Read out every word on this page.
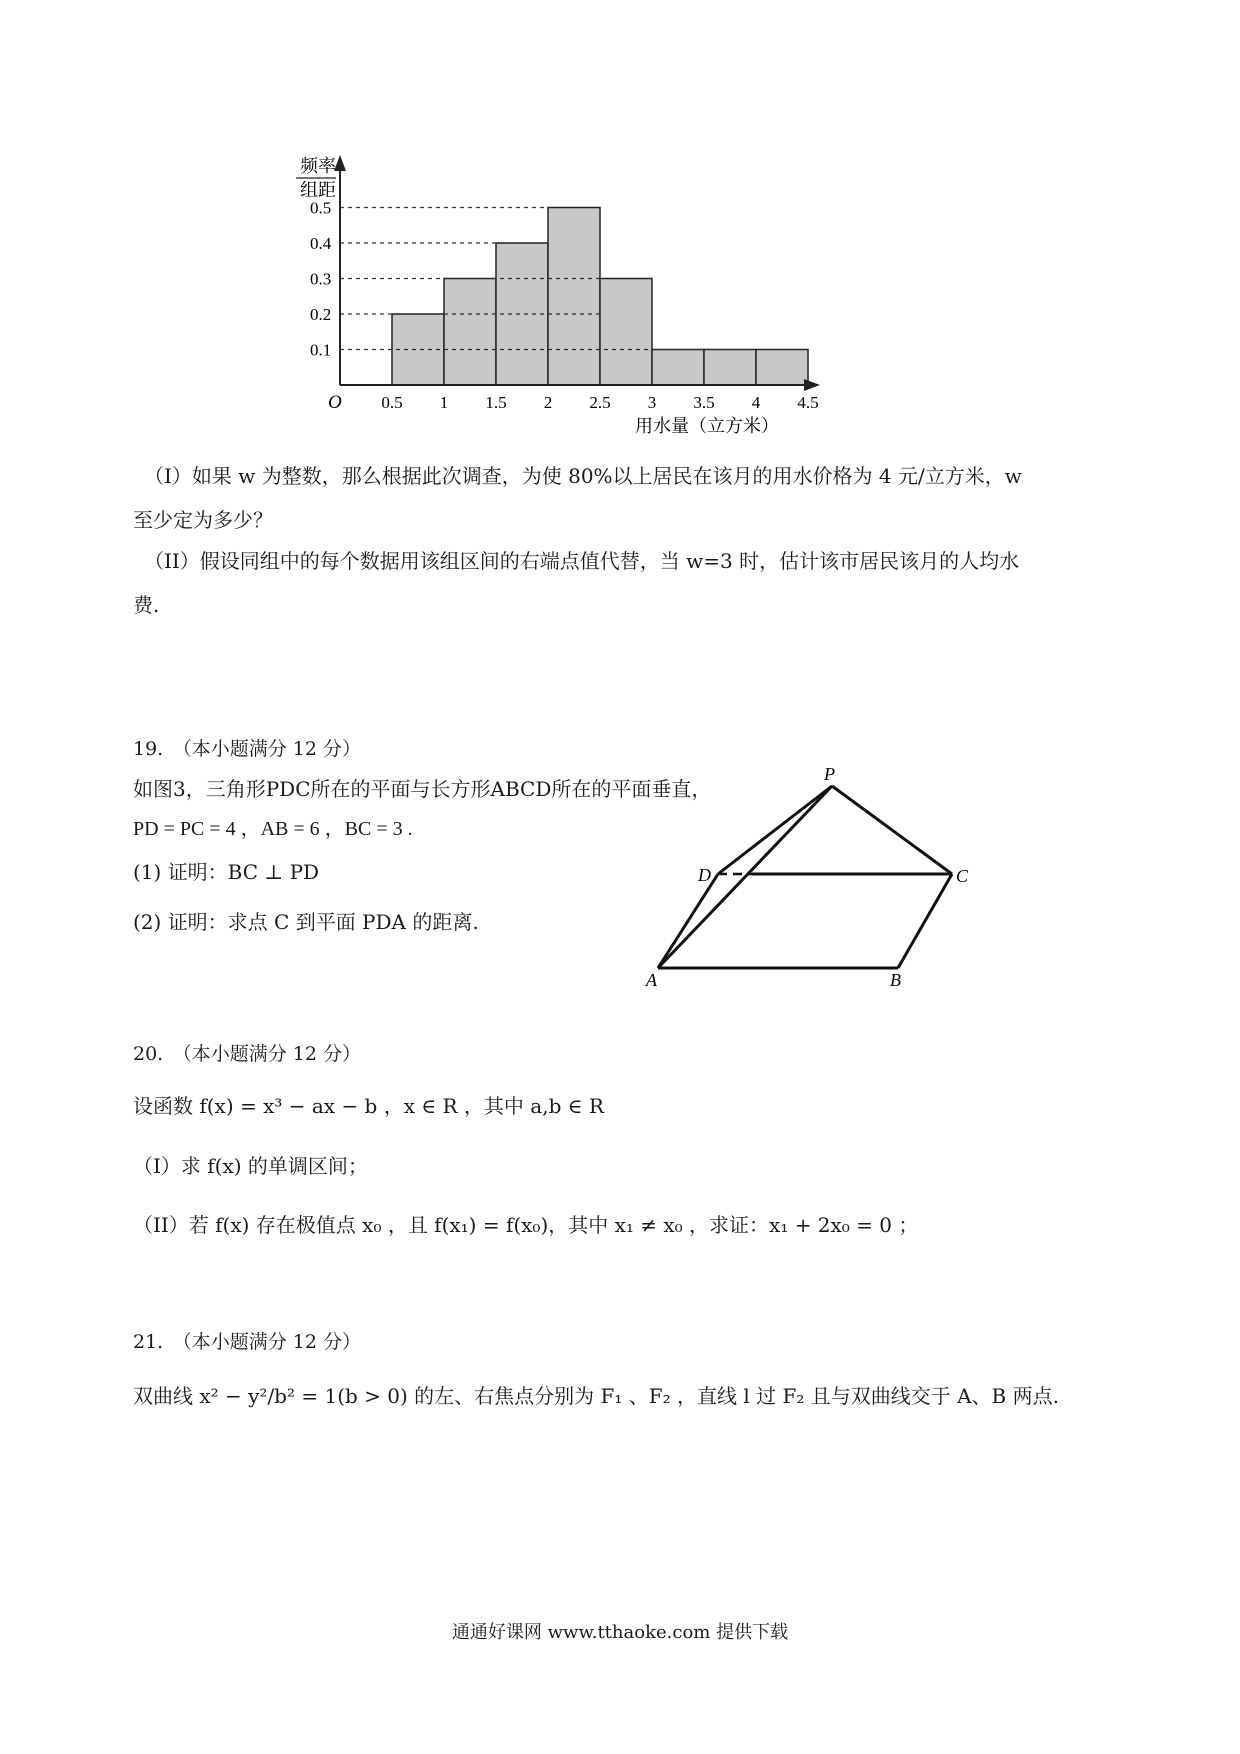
0.1
0.2
0.3
0.4
0.5
0.5 1 1.5 2 2.5 3 3.5 4 4.5
频率
组距
O
用水量（立方米）
（I）如果 w 为整数，那么根据此次调查，为使 80%以上居民在该月的用水价格为 4 元/立方米，w
至少定为多少？
（II）假设同组中的每个数据用该组区间的右端点值代替，当 w=3 时，估计该市居民该月的人均水
费.
19.　（本小题满分 12 分）
如图3，三角形PDC所在的平面与长方形ABCD所在的平面垂直，
PD = PC = 4 ，AB = 6 ，BC = 3 .
(1) 证明：BC ⊥ PD
(2) 证明：求点 C 到平面 PDA 的距离.
P
D	C
A	B
20.　（本小题满分 12 分）
设函数 f(x) = x³ − ax − b ，x ∈ R ，其中 a,b ∈ R
（I）求 f(x) 的单调区间；
（II）若 f(x) 存在极值点 x₀ ，且 f(x₁) = f(x₀)，其中 x₁ ≠ x₀ ，求证：x₁ + 2x₀ = 0 ；
21.　（本小题满分 12 分）
双曲线 x² − y²/b² = 1(b > 0) 的左、右焦点分别为 F₁ 、F₂ ，直线 l 过 F₂ 且与双曲线交于 A、B 两点.
通通好课网 www.tthaoke.com 提供下载
